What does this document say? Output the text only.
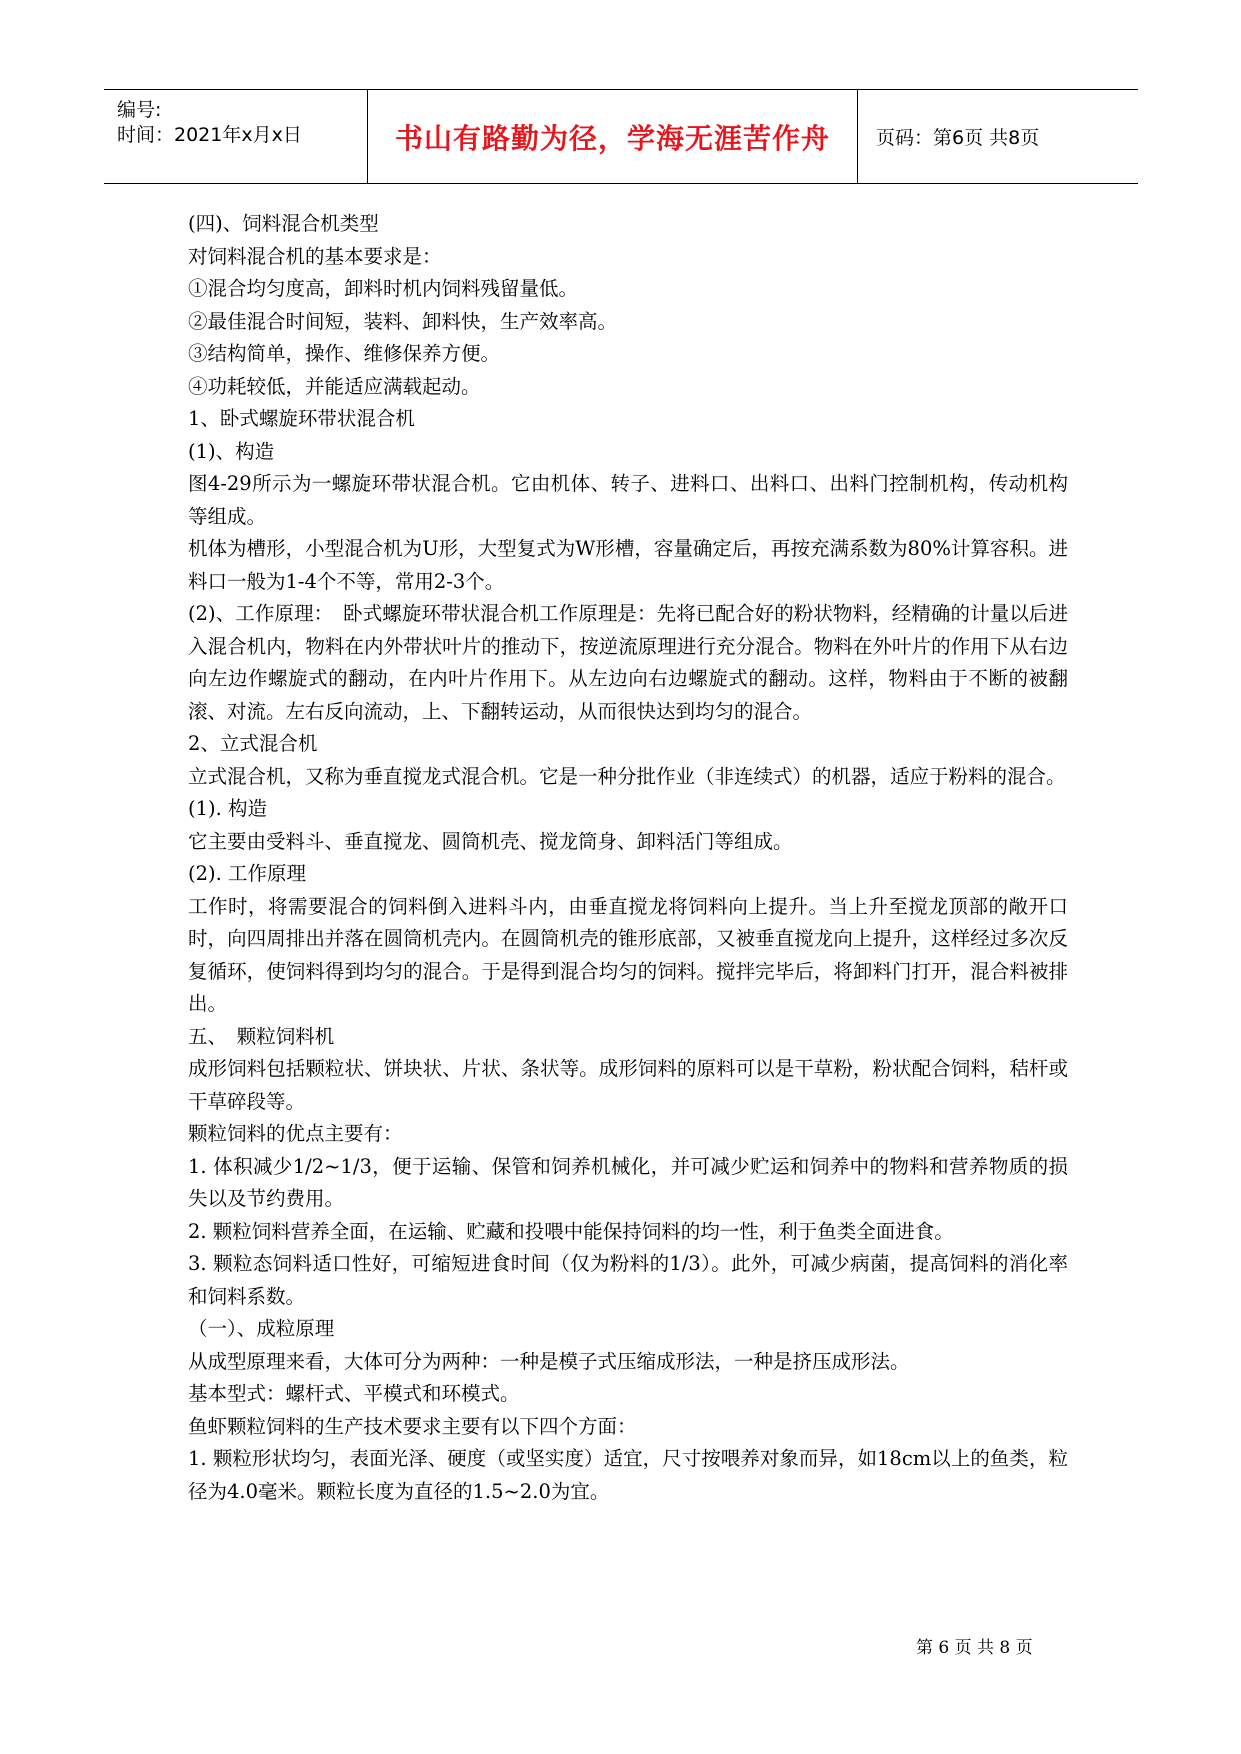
编号:
时间：2021年x月x日	书山有路勤为径，学海无涯苦作舟 页码：第6页 共8页

(四)、饲料混合机类型

对饲料混合机的基本要求是：

①混合均匀度高，卸料时机内饲料残留量低。

②最佳混合时间短，装料、卸料快，生产效率高。

③结构简单，操作、维修保养方便。

④功耗较低，并能适应满载起动。

1、卧式螺旋环带状混合机

(1)、构造

图4-29所示为一螺旋环带状混合机。它由机体、转子、进料口、出料口、出料门控制机构，传动机构等组成。

机体为槽形，小型混合机为U形，大型复式为W形槽，容量确定后，再按充满系数为80%计算容积。进料口一般为1-4个不等，常用2-3个。

(2)、工作原理：　卧式螺旋环带状混合机工作原理是：先将已配合好的粉状物料，经精确的计量以后进入混合机内，物料在内外带状叶片的推动下，按逆流原理进行充分混合。物料在外叶片的作用下从右边向左边作螺旋式的翻动，在内叶片作用下。从左边向右边螺旋式的翻动。这样，物料由于不断的被翻滚、对流。左右反向流动，上、下翻转运动，从而很快达到均匀的混合。

2、立式混合机

立式混合机，又称为垂直搅龙式混合机。它是一种分批作业（非连续式）的机器，适应于粉料的混合。

(1). 构造

它主要由受料斗、垂直搅龙、圆筒机壳、搅龙筒身、卸料活门等组成。

(2). 工作原理

工作时，将需要混合的饲料倒入进料斗内，由垂直搅龙将饲料向上提升。当上升至搅龙顶部的敞开口时，向四周排出并落在圆筒机壳内。在圆筒机壳的锥形底部，又被垂直搅龙向上提升，这样经过多次反复循环，使饲料得到均匀的混合。于是得到混合均匀的饲料。搅拌完毕后，将卸料门打开，混合料被排出。

五、　颗粒饲料机

成形饲料包括颗粒状、饼块状、片状、条状等。成形饲料的原料可以是干草粉，粉状配合饲料，秸杆或干草碎段等。

颗粒饲料的优点主要有：

1. 体积减少1/2~1/3，便于运输、保管和饲养机械化，并可减少贮运和饲养中的物料和营养物质的损失以及节约费用。

2. 颗粒饲料营养全面，在运输、贮藏和投喂中能保持饲料的均一性，利于鱼类全面进食。

3. 颗粒态饲料适口性好，可缩短进食时间（仅为粉料的1/3）。此外，可减少病菌，提高饲料的消化率和饲料系数。

（一）、成粒原理

从成型原理来看，大体可分为两种：一种是模子式压缩成形法，一种是挤压成形法。

基本型式：螺杆式、平模式和环模式。

鱼虾颗粒饲料的生产技术要求主要有以下四个方面：

1. 颗粒形状均匀，表面光泽、硬度（或坚实度）适宜，尺寸按喂养对象而异，如18cm以上的鱼类，粒径为4.0毫米。颗粒长度为直径的1.5~2.0为宜。

第 6 页 共 8 页
